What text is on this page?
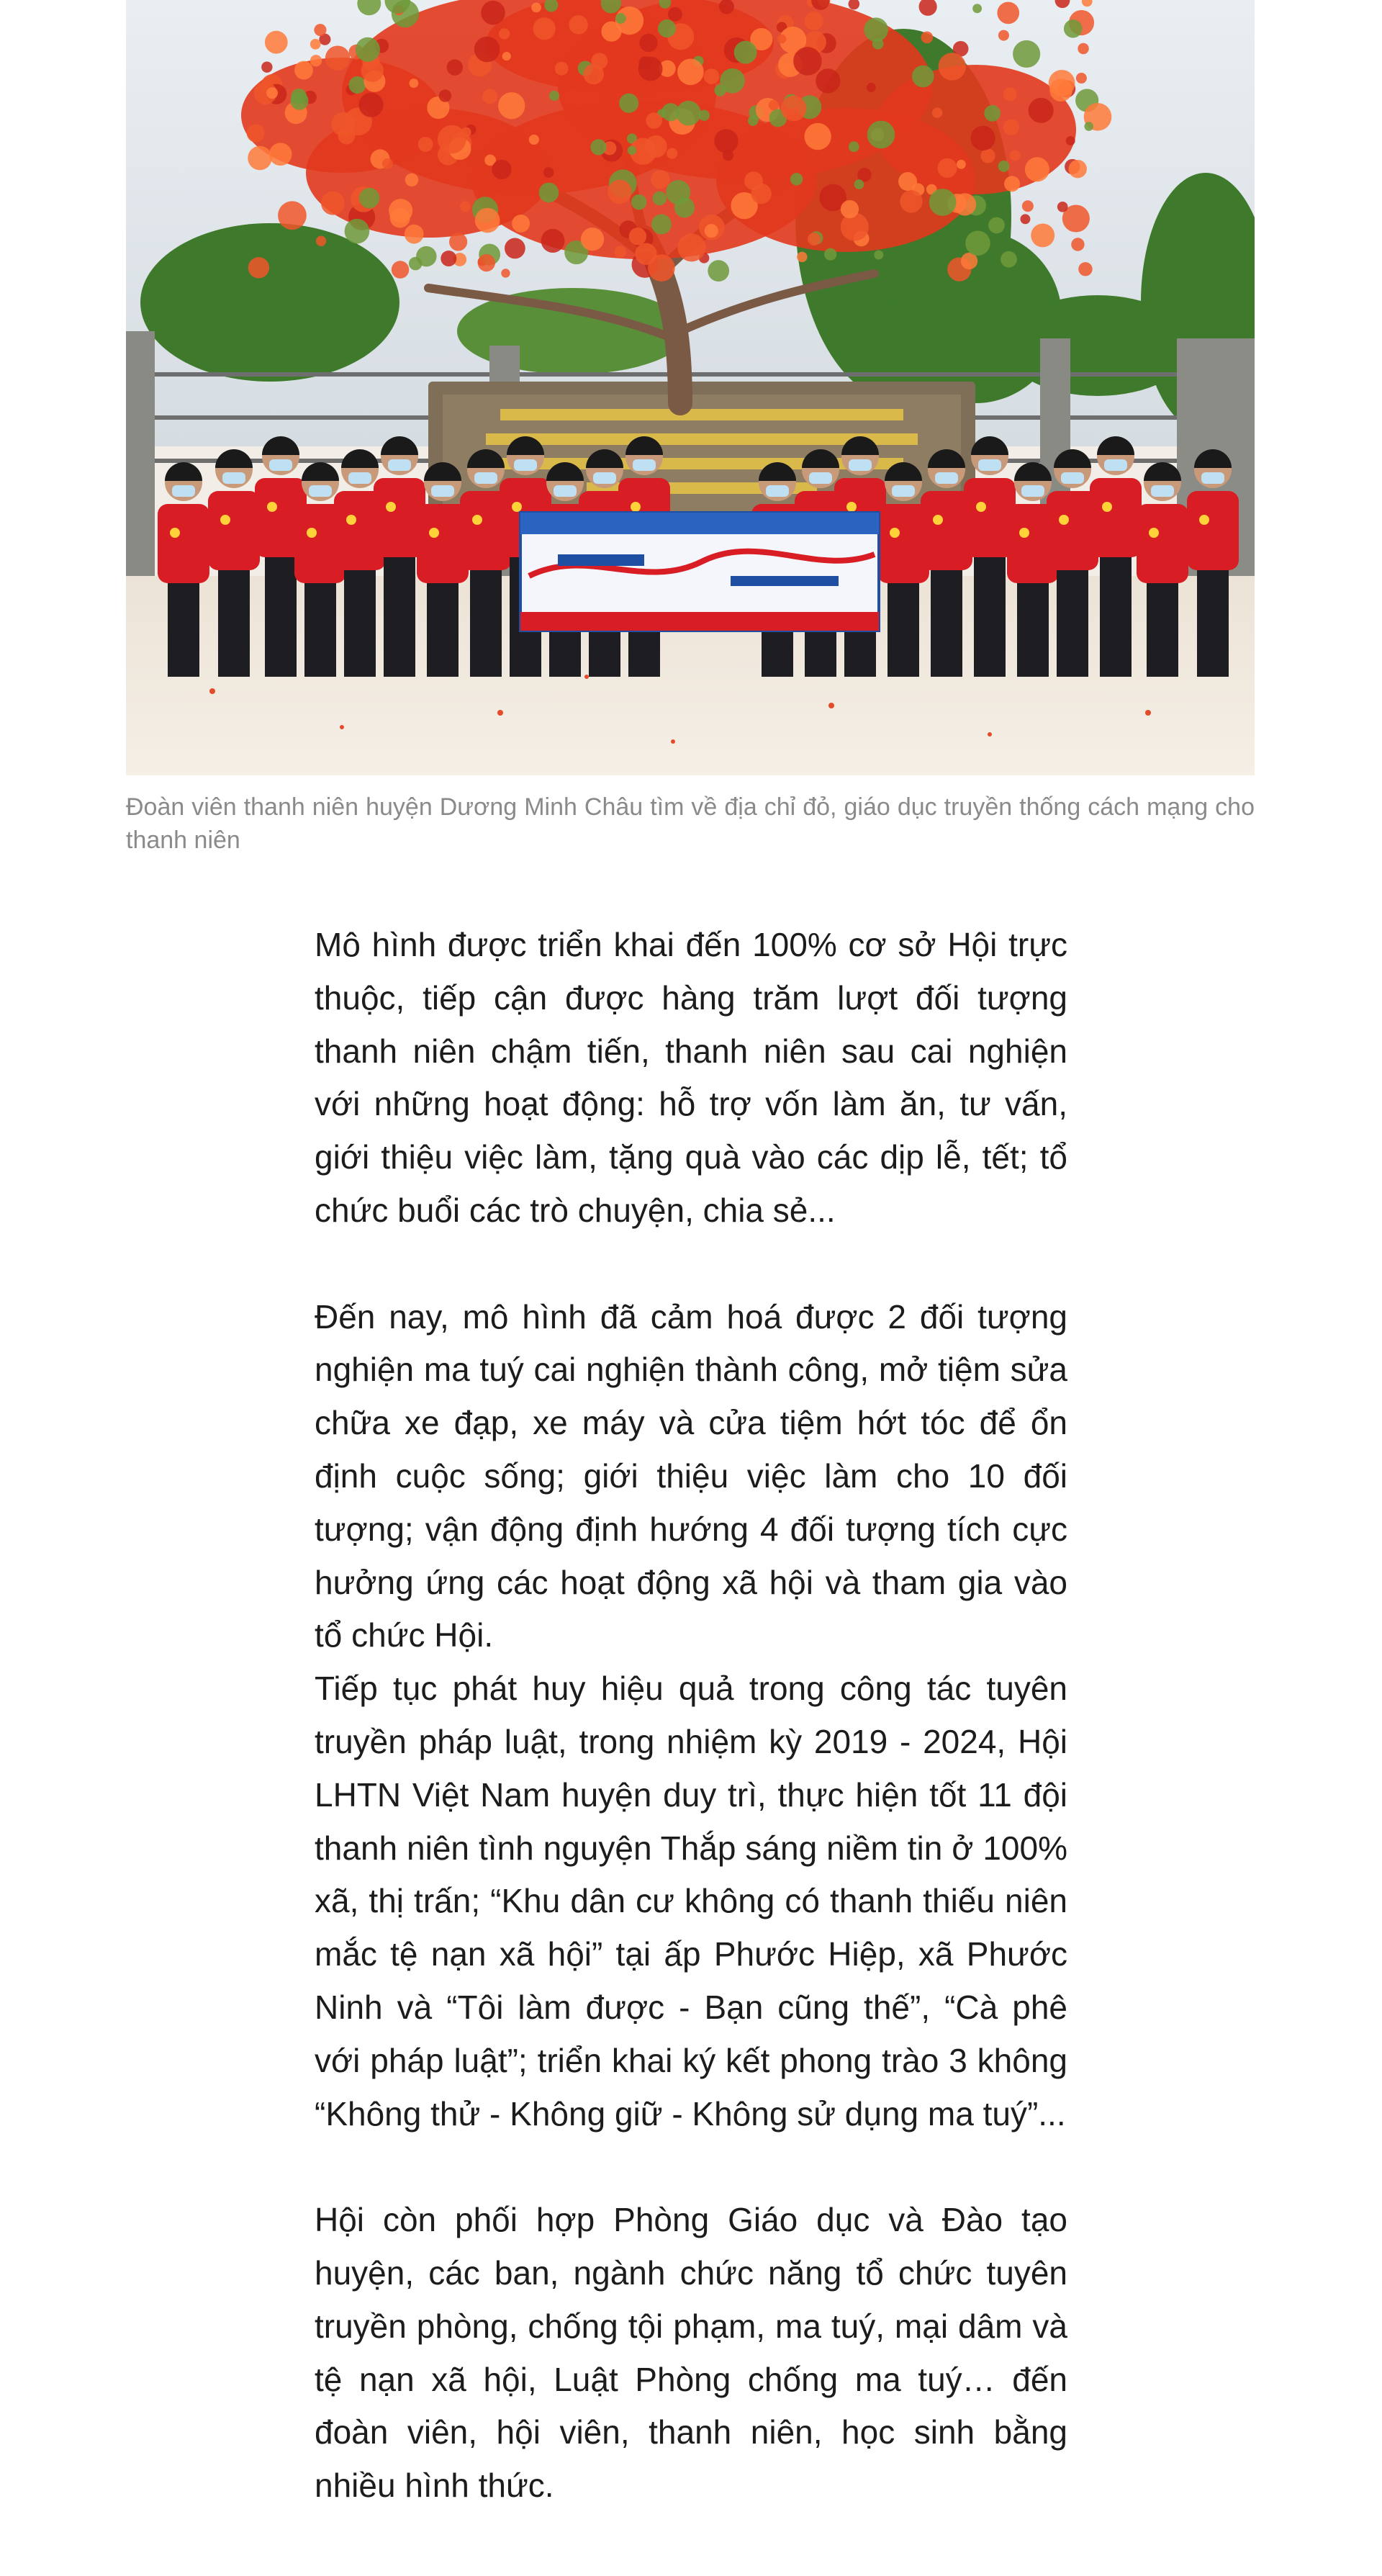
Đoàn viên thanh niên huyện Dương Minh Châu tìm về địa chỉ đỏ, giáo dục truyền thống cách mạng cho thanh niên

Mô hình được triển khai đến 100% cơ sở Hội trực thuộc, tiếp cận được hàng trăm lượt đối tượng thanh niên chậm tiến, thanh niên sau cai nghiện với những hoạt động: hỗ trợ vốn làm ăn, tư vấn, giới thiệu việc làm, tặng quà vào các dịp lễ, tết; tổ chức buổi các trò chuyện, chia sẻ...

Đến nay, mô hình đã cảm hoá được 2 đối tượng nghiện ma tuý cai nghiện thành công, mở tiệm sửa chữa xe đạp, xe máy và cửa tiệm hớt tóc để ổn định cuộc sống; giới thiệu việc làm cho 10 đối tượng; vận động định hướng 4 đối tượng tích cực hưởng ứng các hoạt động xã hội và tham gia vào tổ chức Hội.

Tiếp tục phát huy hiệu quả trong công tác tuyên truyền pháp luật, trong nhiệm kỳ 2019 - 2024, Hội LHTN Việt Nam huyện duy trì, thực hiện tốt 11 đội thanh niên tình nguyện Thắp sáng niềm tin ở 100% xã, thị trấn; “Khu dân cư không có thanh thiếu niên mắc tệ nạn xã hội” tại ấp Phước Hiệp, xã Phước Ninh và “Tôi làm được - Bạn cũng thế”, “Cà phê với pháp luật”; triển khai ký kết phong trào 3 không “Không thử - Không giữ - Không sử dụng ma tuý”...

Hội còn phối hợp Phòng Giáo dục và Đào tạo huyện, các ban, ngành chức năng tổ chức tuyên truyền phòng, chống tội phạm, ma tuý, mại dâm và tệ nạn xã hội, Luật Phòng chống ma tuý… đến đoàn viên, hội viên, thanh niên, học sinh bằng nhiều hình thức.
